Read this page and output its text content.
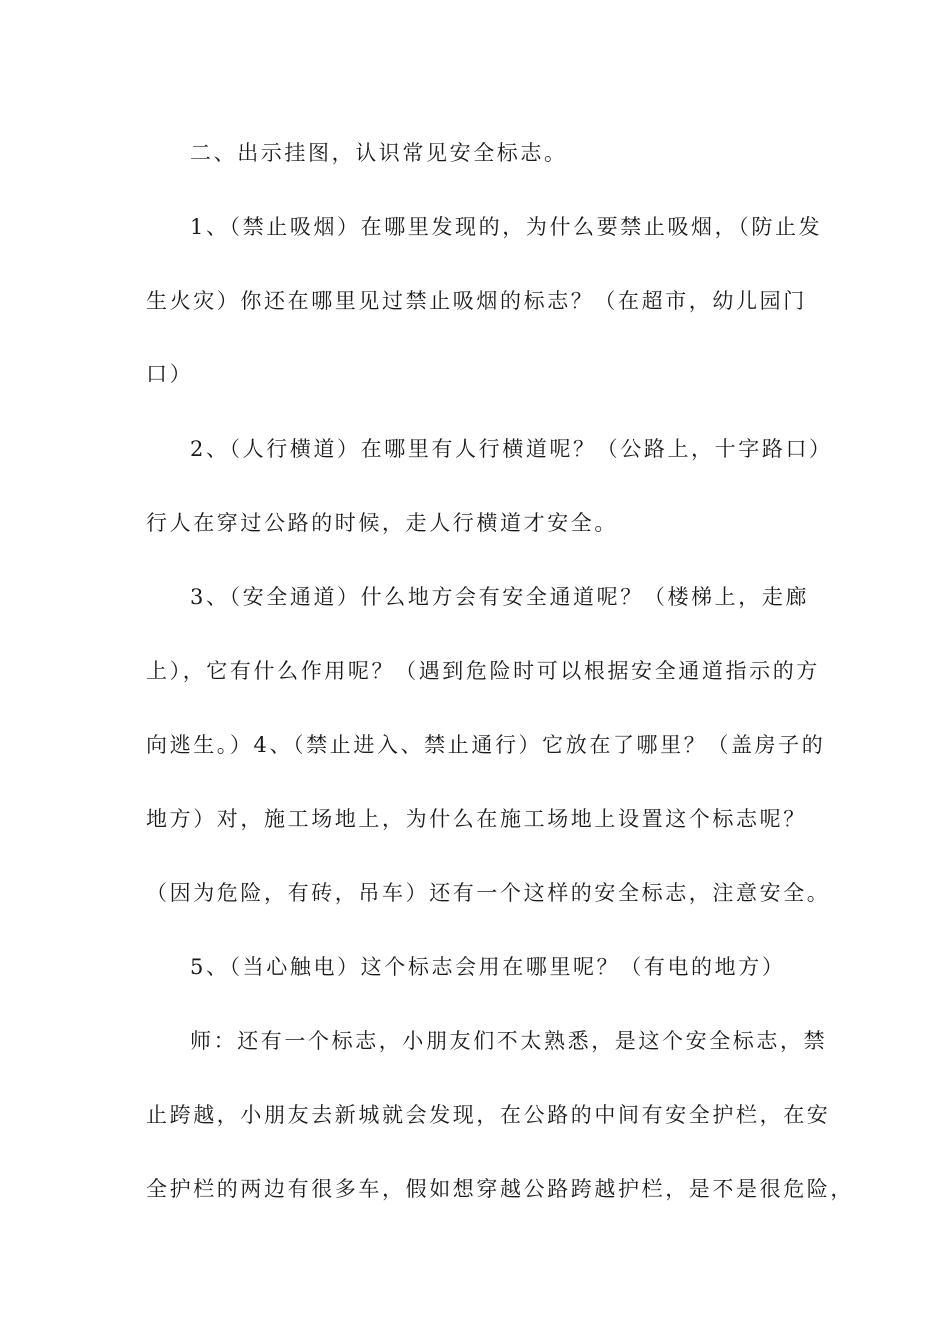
二、出示挂图，认识常见安全标志。
1、（禁止吸烟）在哪里发现的，为什么要禁止吸烟，（防止发
生火灾）你还在哪里见过禁止吸烟的标志？（在超市，幼儿园门
口）
2、（人行横道）在哪里有人行横道呢？（公路上，十字路口）
行人在穿过公路的时候，走人行横道才安全。
3、（安全通道）什么地方会有安全通道呢？（楼梯上，走廊
上），它有什么作用呢？（遇到危险时可以根据安全通道指示的方
向逃生。）4、（禁止进入、禁止通行）它放在了哪里？（盖房子的
地方）对，施工场地上，为什么在施工场地上设置这个标志呢？
（因为危险，有砖，吊车）还有一个这样的安全标志，注意安全。
5、（当心触电）这个标志会用在哪里呢？（有电的地方）
师：还有一个标志，小朋友们不太熟悉，是这个安全标志，禁
止跨越，小朋友去新城就会发现，在公路的中间有安全护栏，在安
全护栏的两边有很多车，假如想穿越公路跨越护栏，是不是很危险，
